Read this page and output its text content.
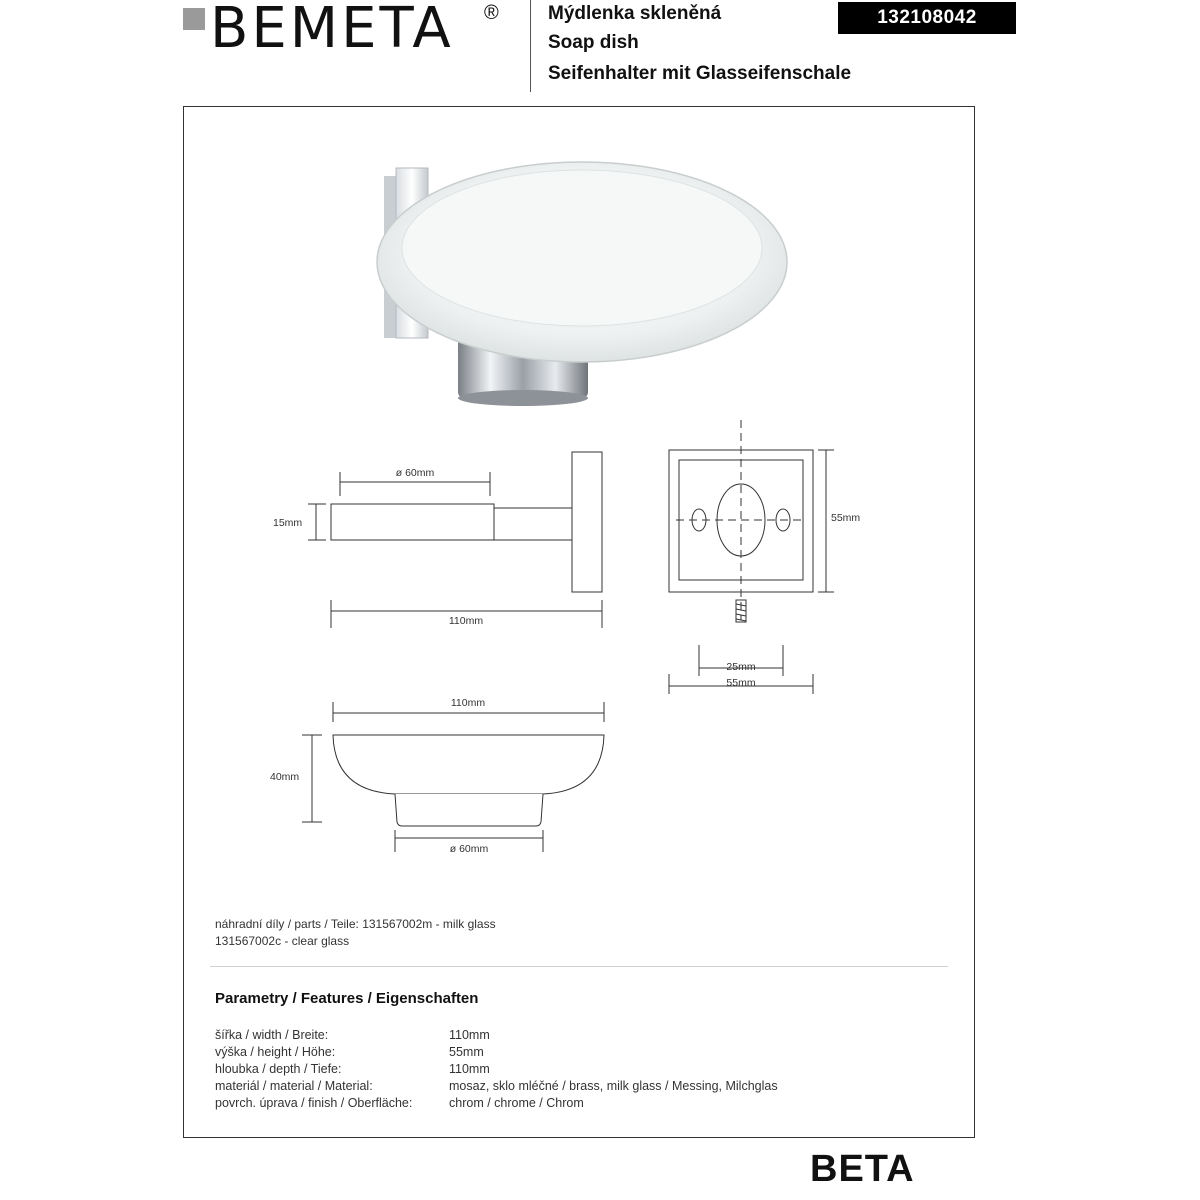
BEMETA ®	Mýdlenka skleněná
Soap dish
Seifenhalter mit Glasseifenschale
132108042
ø 60mm
15mm
110mm
55mm
25mm
55mm
110mm
40mm
ø 60mm
náhradní díly / parts / Teile: 131567002m - milk glass
131567002c - clear glass
Parametry / Features / Eigenschaften
šířka / width / Breite:	110mm
výška / height / Höhe:	55mm
hloubka / depth / Tiefe:	110mm
materiál / material / Material:	mosaz, sklo mléčné / brass, milk glass / Messing, Milchglas
povrch. úprava / finish / Oberfläche:	chrom / chrome / Chrom
BETA
